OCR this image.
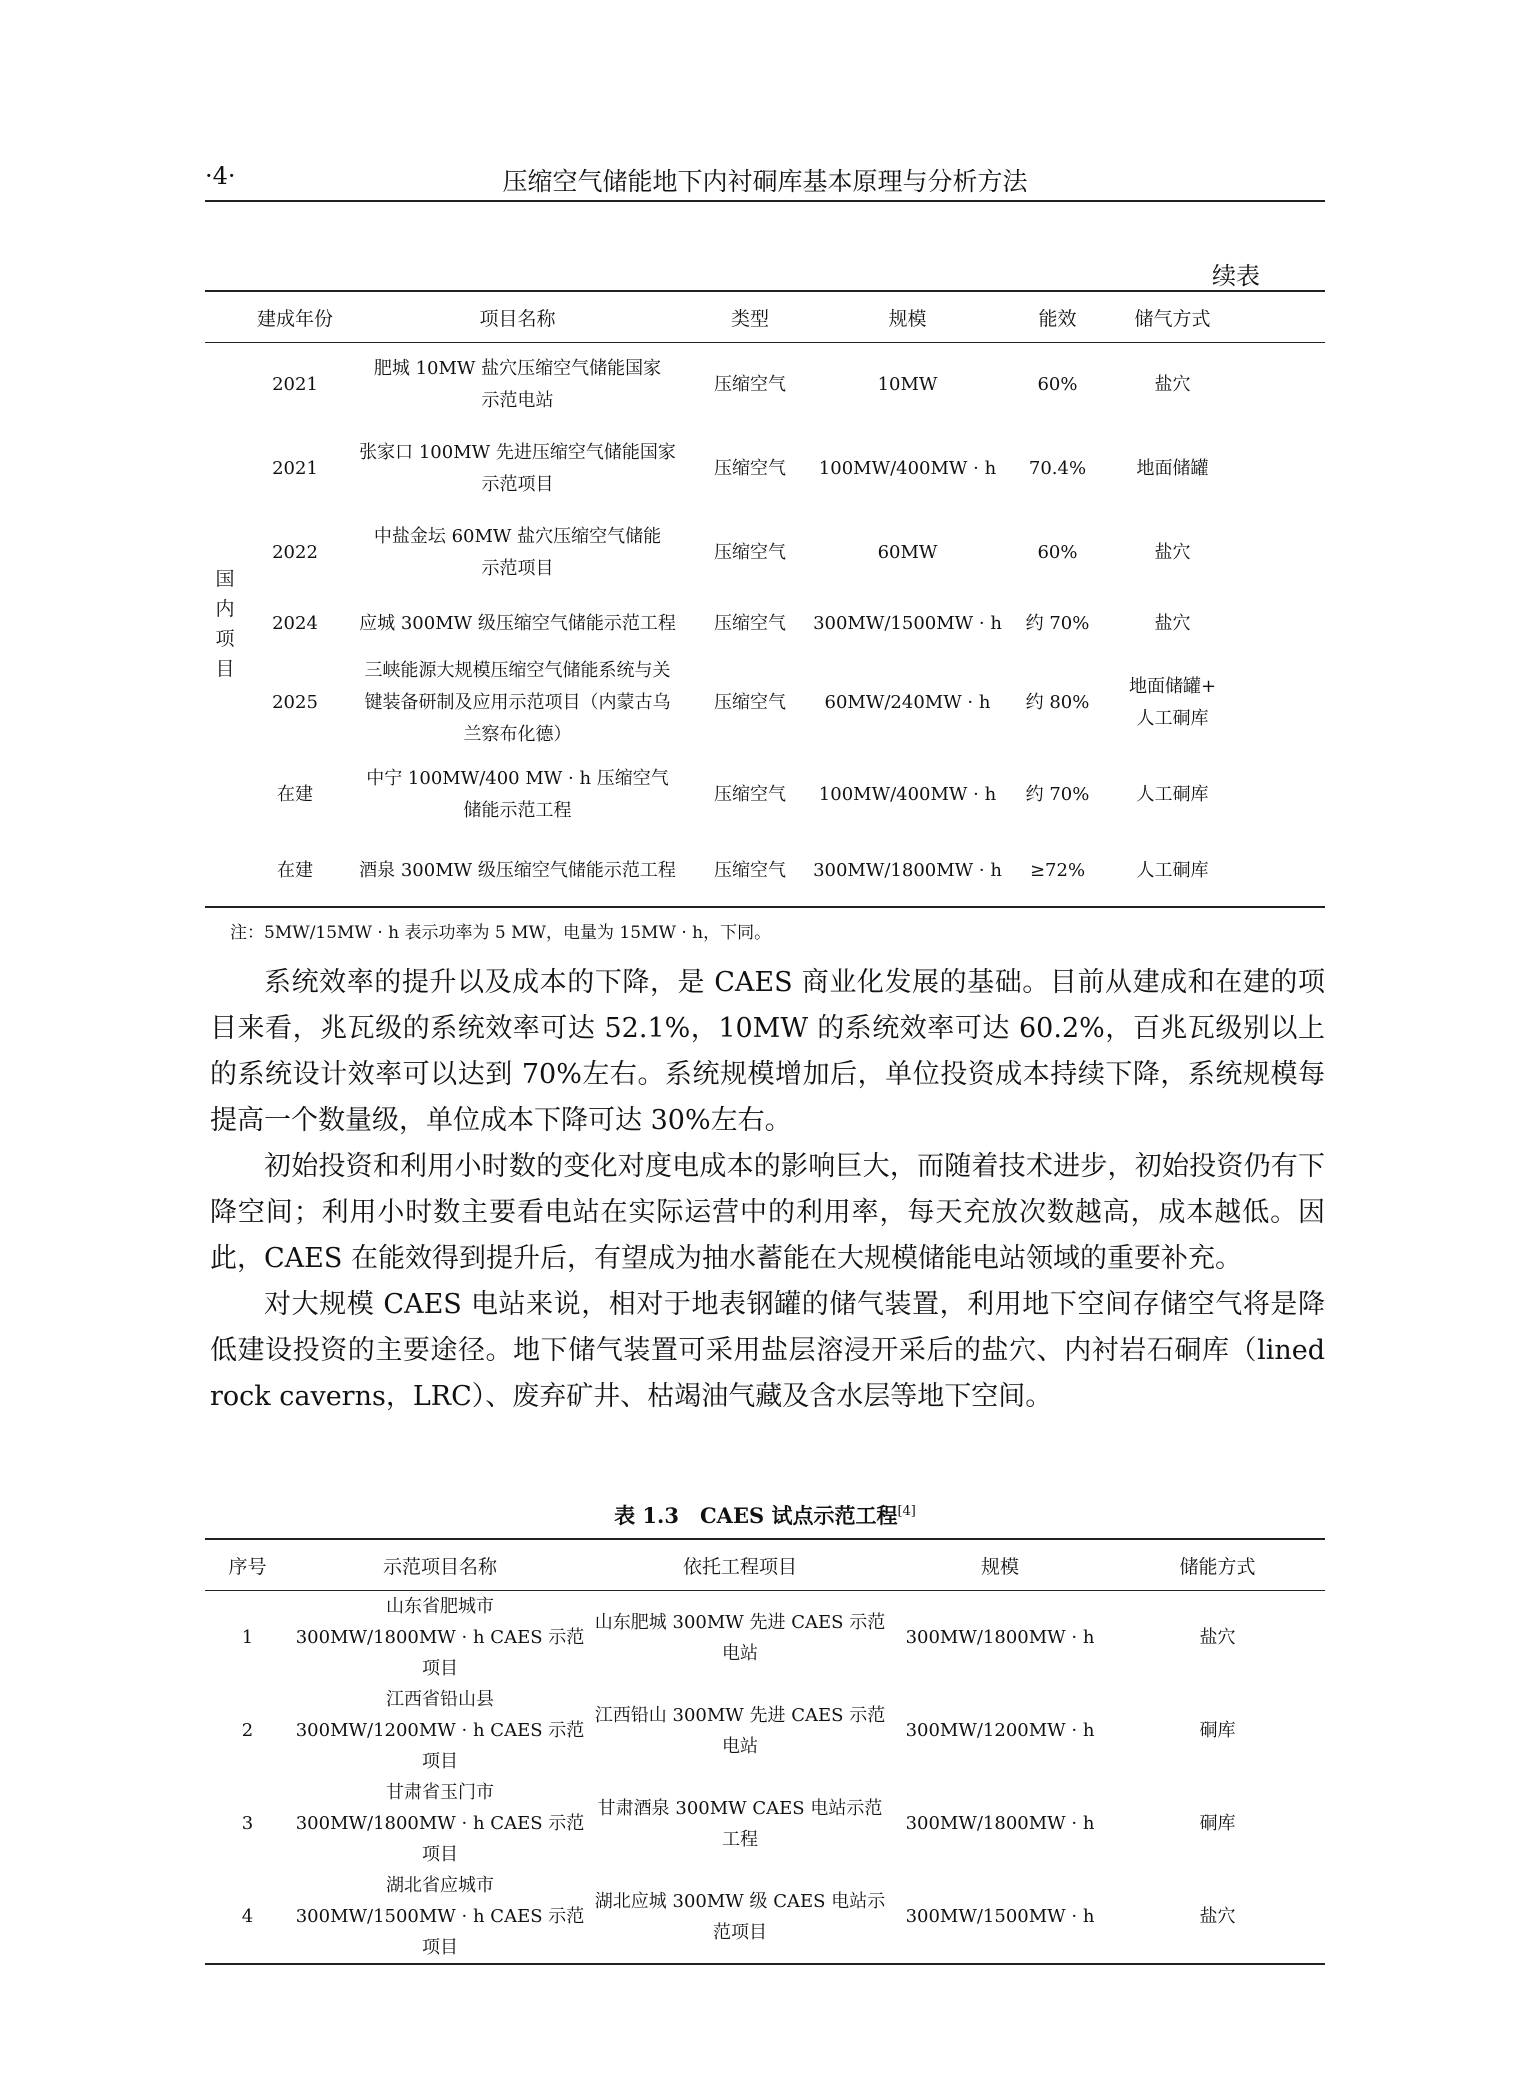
·4·	压缩空气储能地下内衬硐库基本原理与分析方法
续表
	建成年份	项目名称	类型	规模	能效	储气方式	
国
内
项
目	2021	肥城 10MW 盐穴压缩空气储能国家
示范电站	压缩空气	10MW	60%	盐穴	
	2021	张家口 100MW 先进压缩空气储能国家
示范项目	压缩空气	100MW/400MW · h	70.4%	地面储罐	
	2022	中盐金坛 60MW 盐穴压缩空气储能
示范项目	压缩空气	60MW	60%	盐穴	
	2024	应城 300MW 级压缩空气储能示范工程	压缩空气	300MW/1500MW · h	约 70%	盐穴	
	2025	三峡能源大规模压缩空气储能系统与关
键装备研制及应用示范项目（内蒙古乌
兰察布化德）	压缩空气	60MW/240MW · h	约 80%	地面储罐+
人工硐库	
	在建	中宁 100MW/400 MW · h 压缩空气
储能示范工程	压缩空气	100MW/400MW · h	约 70%	人工硐库	
	在建	酒泉 300MW 级压缩空气储能示范工程	压缩空气	300MW/1800MW · h	≥72%	人工硐库	
注：5MW/15MW · h 表示功率为 5 MW，电量为 15MW · h，下同。

系统效率的提升以及成本的下降，是 CAES 商业化发展的基础。目前从建成和在建的项目来看，兆瓦级的系统效率可达 52.1%，10MW 的系统效率可达 60.2%，百兆瓦级别以上的系统设计效率可以达到 70%左右。系统规模增加后，单位投资成本持续下降，系统规模每提高一个数量级，单位成本下降可达 30%左右。

初始投资和利用小时数的变化对度电成本的影响巨大，而随着技术进步，初始投资仍有下降空间；利用小时数主要看电站在实际运营中的利用率，每天充放次数越高，成本越低。因此，CAES 在能效得到提升后，有望成为抽水蓄能在大规模储能电站领域的重要补充。

对大规模 CAES 电站来说，相对于地表钢罐的储气装置，利用地下空间存储空气将是降低建设投资的主要途径。地下储气装置可采用盐层溶浸开采后的盐穴、内衬岩石硐库（lined rock caverns，LRC）、废弃矿井、枯竭油气藏及含水层等地下空间。

表 1.3　CAES 试点示范工程[4]
序号	示范项目名称	依托工程项目	规模	储能方式
1	山东省肥城市
300MW/1800MW · h CAES 示范项目	山东肥城 300MW 先进 CAES 示范
电站	300MW/1800MW · h	盐穴
2	江西省铅山县
300MW/1200MW · h CAES 示范项目	江西铅山 300MW 先进 CAES 示范
电站	300MW/1200MW · h	硐库
3	甘肃省玉门市
300MW/1800MW · h CAES 示范项目	甘肃酒泉 300MW CAES 电站示范
工程	300MW/1800MW · h	硐库
4	湖北省应城市
300MW/1500MW · h CAES 示范项目	湖北应城 300MW 级 CAES 电站示
范项目	300MW/1500MW · h	盐穴
